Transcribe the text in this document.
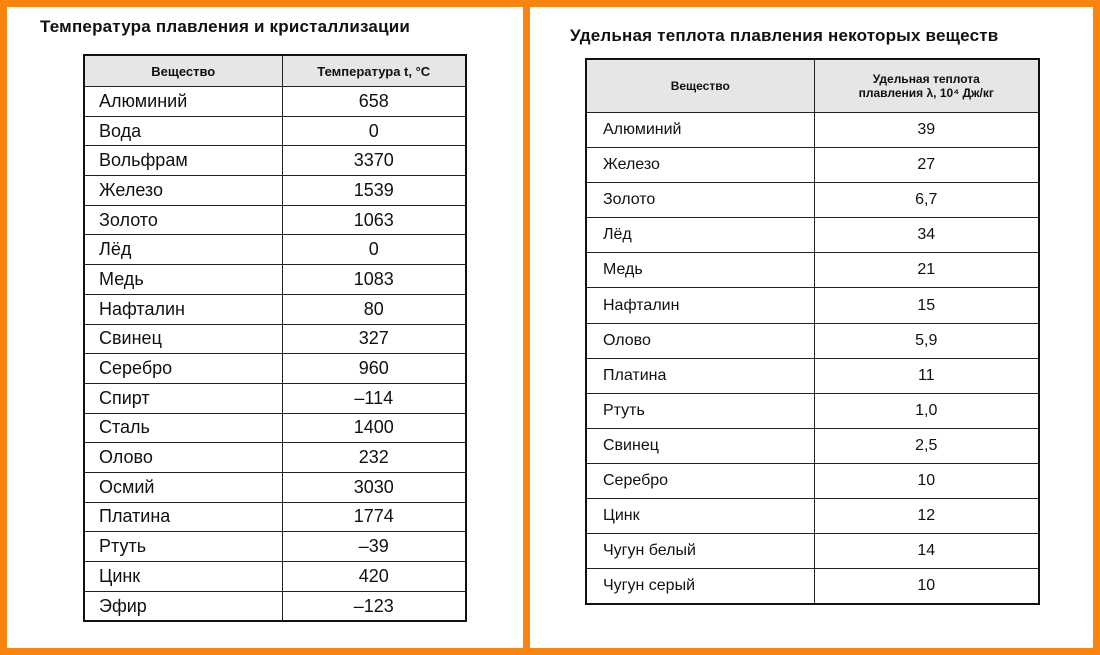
Температура плавления и кристаллизации
Вещество	Температура t, °C
Алюминий	658
Вода	0
Вольфрам	3370
Железо	1539
Золото	1063
Лёд	0
Медь	1083
Нафталин	80
Свинец	327
Серебро	960
Спирт	–114
Сталь	1400
Олово	232
Осмий	3030
Платина	1774
Ртуть	–39
Цинк	420
Эфир	–123
Удельная теплота плавления некоторых веществ
Вещество	Удельная теплота
плавления λ, 10⁴ Дж/кг

Алюминий	39
Железо	27
Золото	6,7
Лёд	34
Медь	21
Нафталин	15
Олово	5,9
Платина	11
Ртуть	1,0
Свинец	2,5
Серебро	10
Цинк	12
Чугун белый	14
Чугун серый	10
